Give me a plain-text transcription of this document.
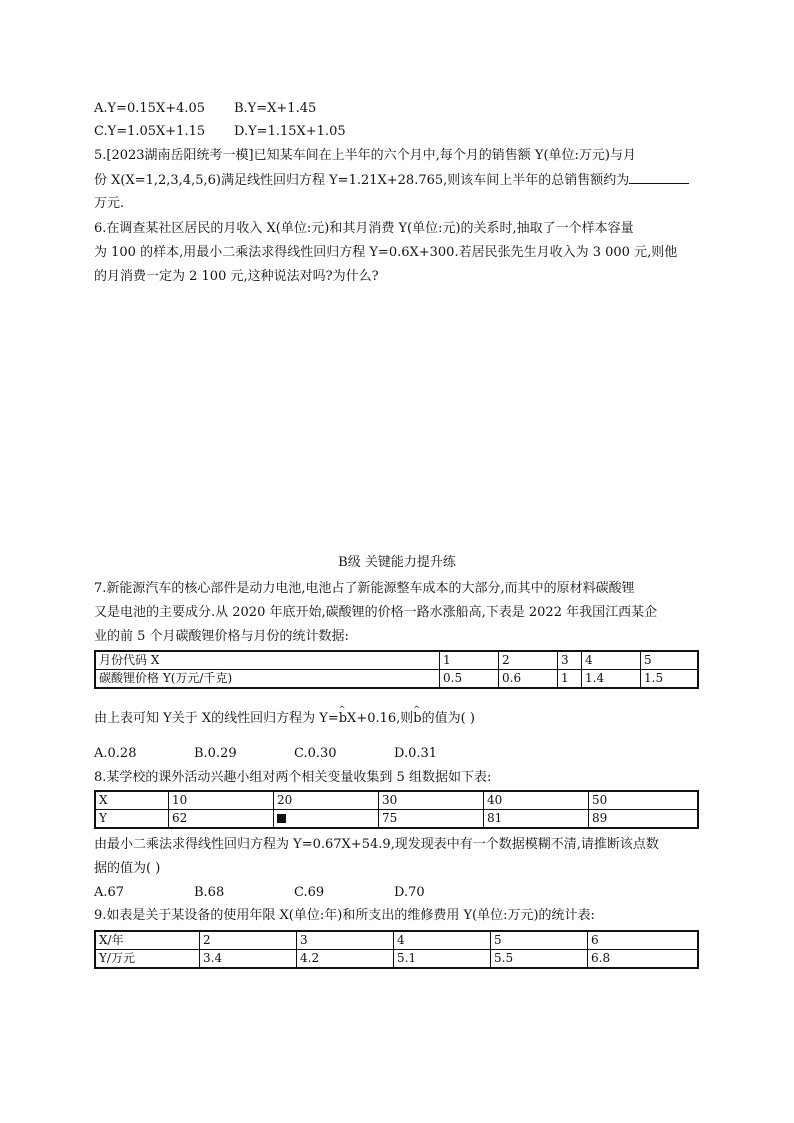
A.Y=0.15X+4.05 B.Y=X+1.45
C.Y=1.05X+1.15 D.Y=1.15X+1.05
5.[2023湖南岳阳统考一模]已知某车间在上半年的六个月中,每个月的销售额 Y(单位:万元)与月
份 X(X=1,2,3,4,5,6)满足线性回归方程 Y=1.21X+28.765,则该车间上半年的总销售额约为
万元.
6.在调查某社区居民的月收入 X(单位:元)和其月消费 Y(单位:元)的关系时,抽取了一个样本容量
为 100 的样本,用最小二乘法求得线性回归方程 Y=0.6X+300.若居民张先生月收入为 3 000 元,则他
的月消费一定为 2 100 元,这种说法对吗?为什么?
B级 关键能力提升练
7.新能源汽车的核心部件是动力电池,电池占了新能源整车成本的大部分,而其中的原材料碳酸锂
又是电池的主要成分.从 2020 年底开始,碳酸锂的价格一路水涨船高,下表是 2022 年我国江西某企
业的前 5 个月碳酸锂价格与月份的统计数据:
月份代码 X	1	2	3	4	5
碳酸锂价格 Y(万元/千克)	0.5	0.6	1	1.4	1.5
由上表可知 Y关于 X的线性回归方程为 Y=^ bX+0.16,则^ b的值为( )
A.0.28	B.0.29	C.0.30	D.0.31
8.某学校的课外活动兴趣小组对两个相关变量收集到 5 组数据如下表:
X	10	20	30	40	50
Y	62		75	81	89
由最小二乘法求得线性回归方程为 Y=0.67X+54.9,现发现表中有一个数据模糊不清,请推断该点数
据的值为( )
A.67	B.68	C.69	D.70
9.如表是关于某设备的使用年限 X(单位:年)和所支出的维修费用 Y(单位:万元)的统计表:
X/年	2	3	4	5	6
Y/万元	3.4	4.2	5.1	5.5	6.8
